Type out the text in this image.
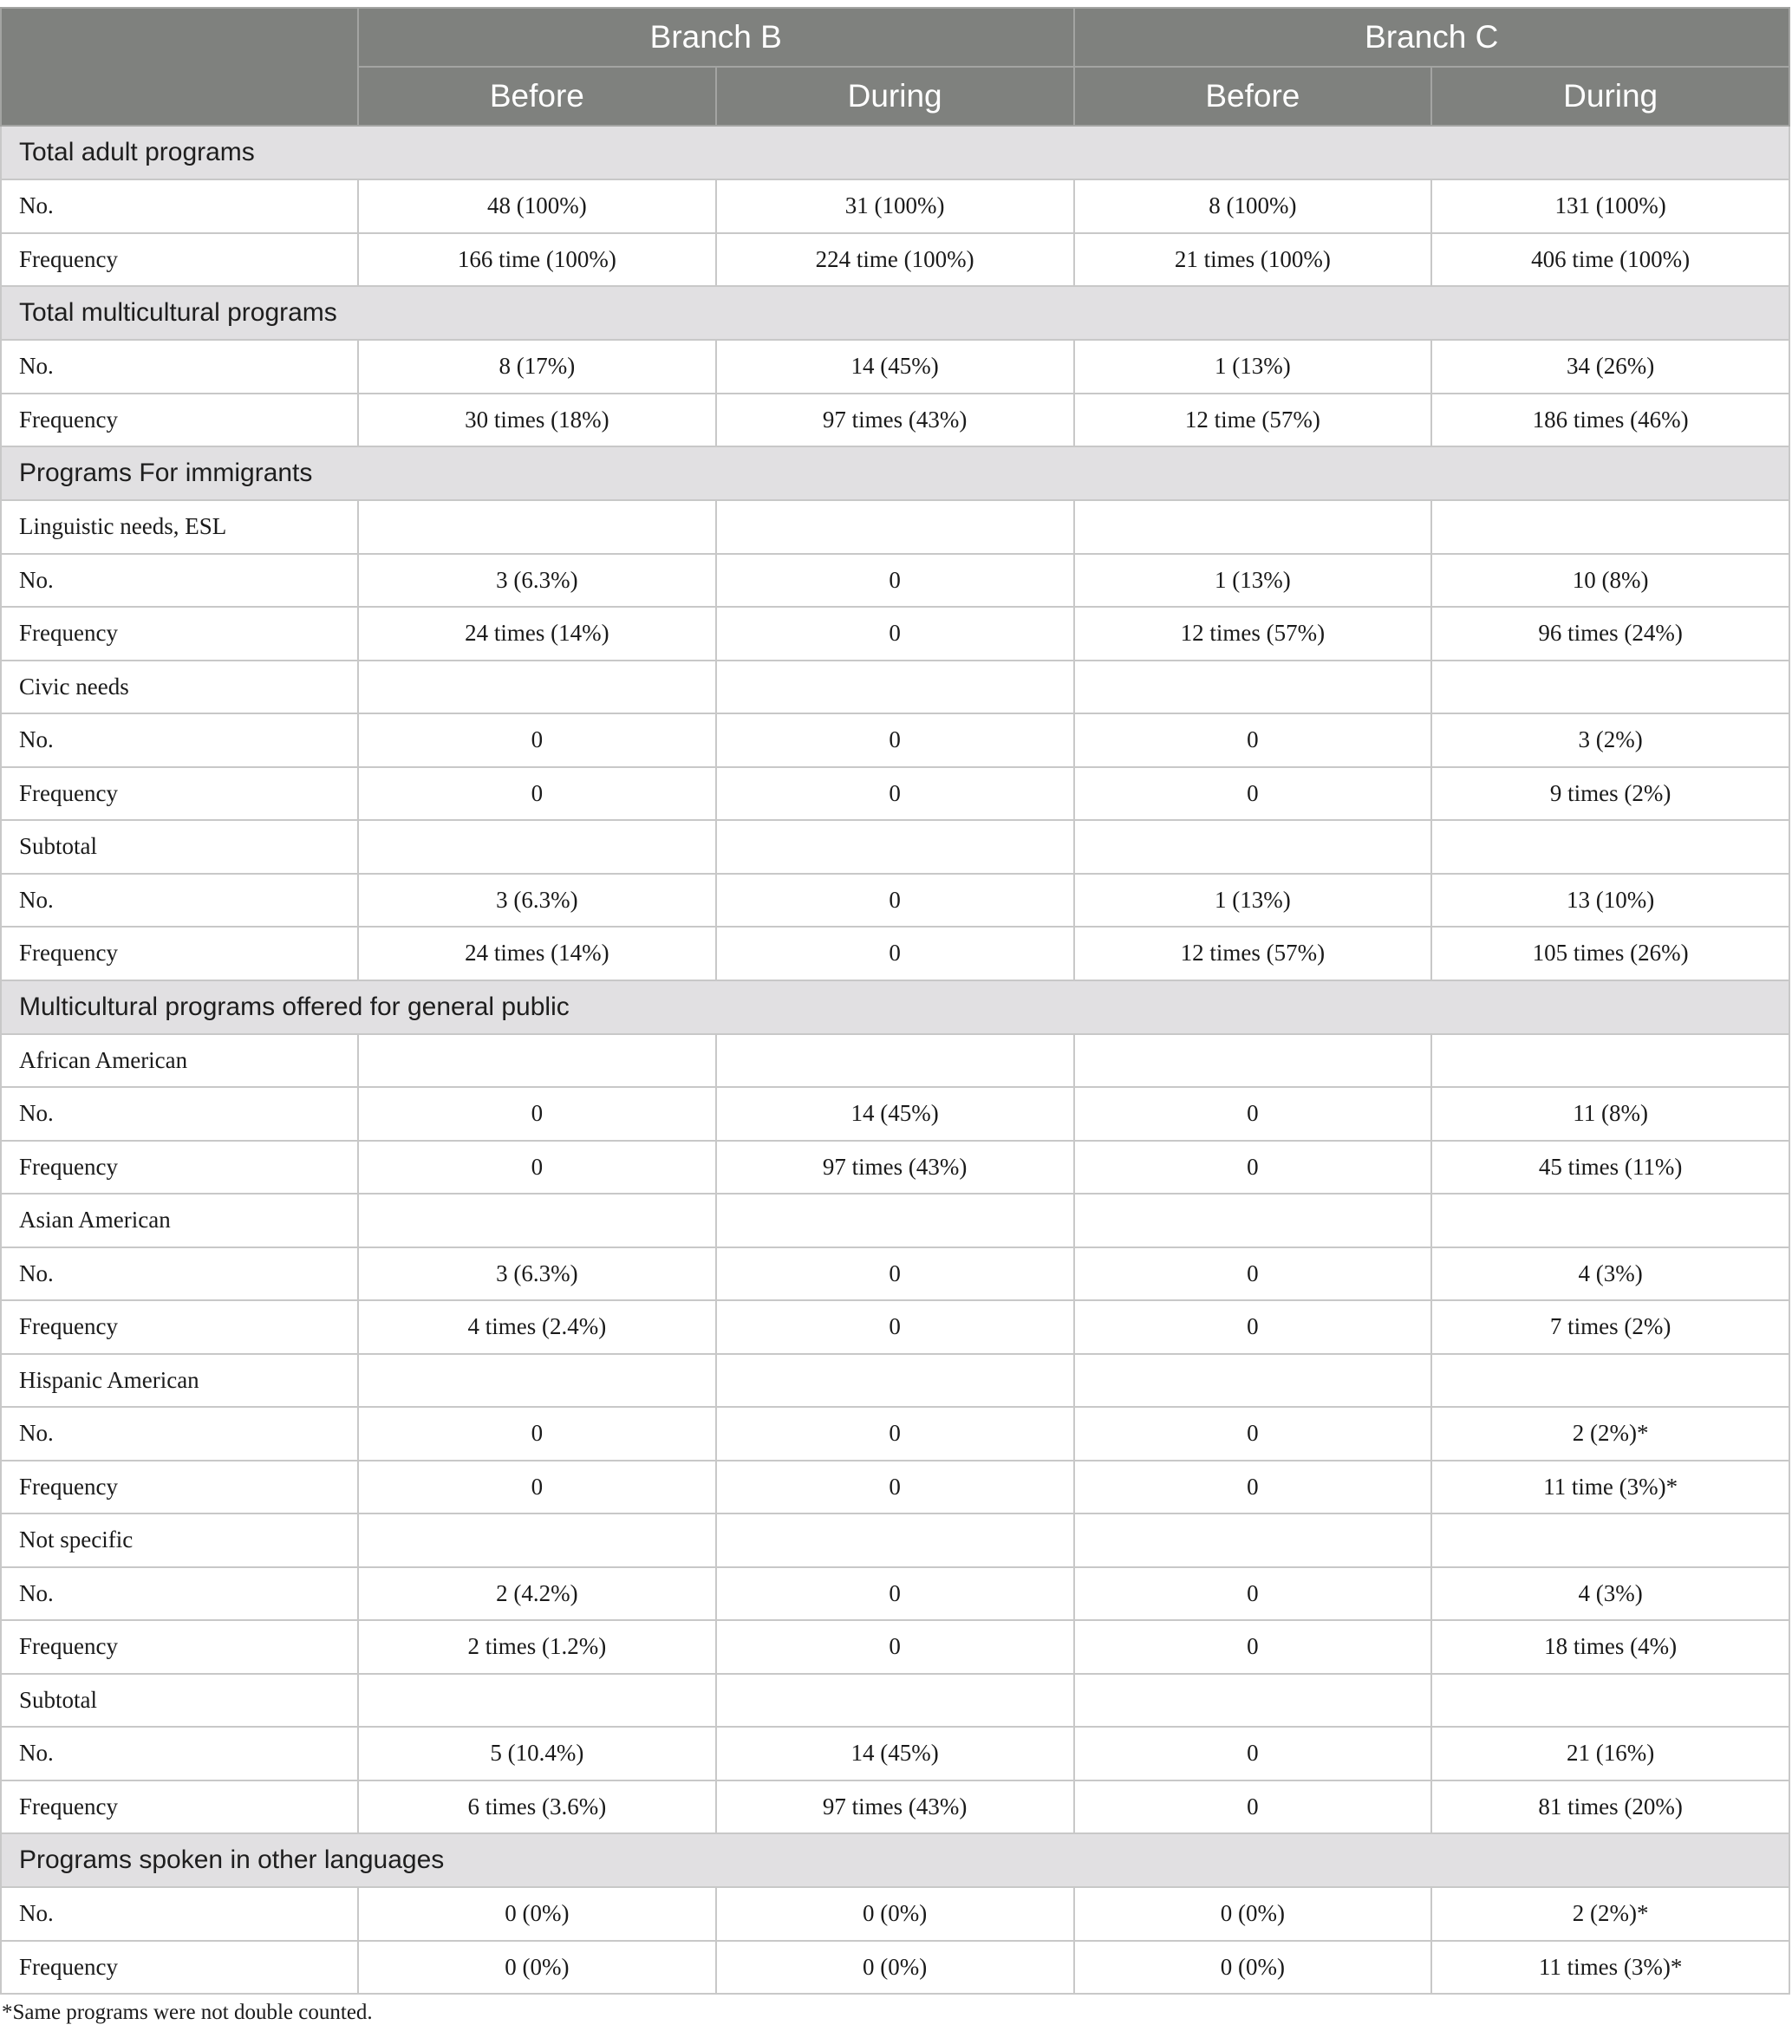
	Branch B		Branch C	
	Before	During	Before	During
Total adult programs				
No.	48 (100%)	31 (100%)	8 (100%)	131 (100%)
Frequency	166 time (100%)	224 time (100%)	21 times (100%)	406 time (100%)
Total multicultural programs				
No.	8 (17%)	14 (45%)	1 (13%)	34 (26%)
Frequency	30 times (18%)	97 times (43%)	12 time (57%)	186 times (46%)
Programs For immigrants				
Linguistic needs, ESL				
No.	3 (6.3%)	0	1 (13%)	10 (8%)
Frequency	24 times (14%)	0	12 times (57%)	96 times (24%)
Civic needs				
No.	0	0	0	3 (2%)
Frequency	0	0	0	9 times (2%)
Subtotal				
No.	3 (6.3%)	0	1 (13%)	13 (10%)
Frequency	24 times (14%)	0	12 times (57%)	105 times (26%)
Multicultural programs offered for general public				
African American				
No.	0	14 (45%)	0	11 (8%)
Frequency	0	97 times (43%)	0	45 times (11%)
Asian American				
No.	3 (6.3%)	0	0	4 (3%)
Frequency	4 times (2.4%)	0	0	7 times (2%)
Hispanic American				
No.	0	0	0	2 (2%)*
Frequency	0	0	0	11 time (3%)*
Not specific				
No.	2 (4.2%)	0	0	4 (3%)
Frequency	2 times (1.2%)	0	0	18 times (4%)
Subtotal				
No.	5 (10.4%)	14 (45%)	0	21 (16%)
Frequency	6 times (3.6%)	97 times (43%)	0	81 times (20%)
Programs spoken in other languages				
No.	0 (0%)	0 (0%)	0 (0%)	2 (2%)*
Frequency	0 (0%)	0 (0%)	0 (0%)	11 times (3%)*
*Same programs were not double counted.
